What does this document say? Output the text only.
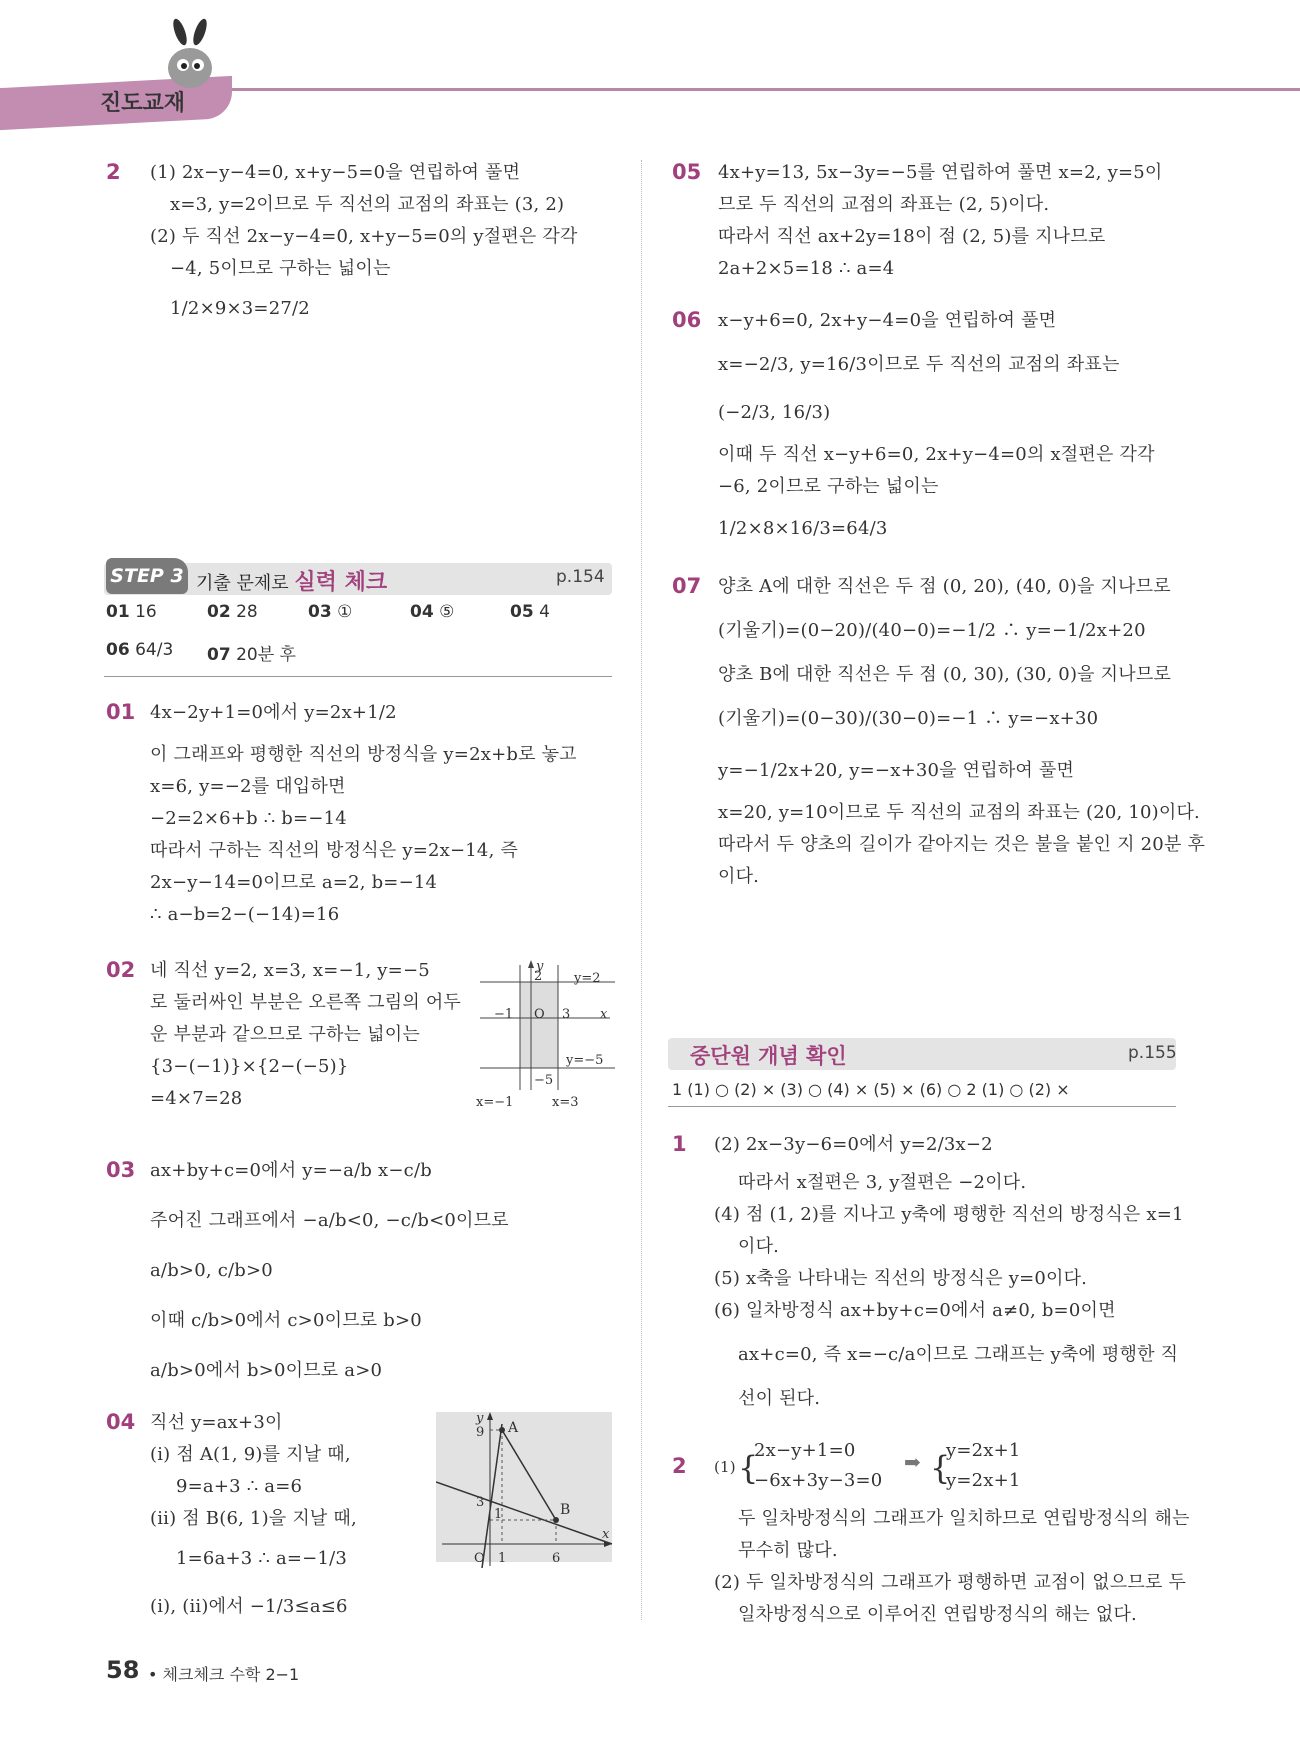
진도교재
2 (1) 2x−y−4=0, x+y−5=0을 연립하여 풀면
x=3, y=2이므로 두 직선의 교점의 좌표는 (3, 2)
(2) 두 직선 2x−y−4=0, x+y−5=0의 y절편은 각각
−4, 5이므로 구하는 넓이는
1/2×9×3=27/2
STEP 3 기출 문제로 실력 체크	p.154
01 16	02 28	03 ①	04 ⑤	05 4
06 64/3 07 20분 후
01 4x−2y+1=0에서 y=2x+1/2
이 그래프와 평행한 직선의 방정식을 y=2x+b로 놓고
x=6, y=−2를 대입하면
−2=2×6+b ∴ b=−14
따라서 구하는 직선의 방정식은 y=2x−14, 즉
2x−y−14=0이므로 a=2, b=−14
∴ a−b=2−(−14)=16
02 네 직선 y=2, x=3, x=−1, y=−5
로 둘러싸인 부분은 오른쪽 그림의 어두
운 부분과 같으므로 구하는 넓이는
{3−(−1)}×{2−(−5)}
=4×7=28
y
x
y=2
y=−5
−1 O 3
2
−5
x=−1	x=3
03 ax+by+c=0에서 y=−a/b x−c/b
주어진 그래프에서 −a/b<0, −c/b<0이므로
a/b>0, c/b>0
이때 c/b>0에서 c>0이므로 b>0
a/b>0에서 b>0이므로 a>0
04 직선 y=ax+3이
(i) 점 A(1, 9)를 지날 때,
9=a+3 ∴ a=6
(ii) 점 B(6, 1)을 지날 때,
1=6a+3 ∴ a=−1/3
(i), (ii)에서 −1/3≤a≤6
y
x
9 A
B
3
1
O 1	6
05 4x+y=13, 5x−3y=−5를 연립하여 풀면 x=2, y=5이
므로 두 직선의 교점의 좌표는 (2, 5)이다.
따라서 직선 ax+2y=18이 점 (2, 5)를 지나므로
2a+2×5=18 ∴ a=4
06 x−y+6=0, 2x+y−4=0을 연립하여 풀면
x=−2/3, y=16/3이므로 두 직선의 교점의 좌표는
(−2/3, 16/3)
이때 두 직선 x−y+6=0, 2x+y−4=0의 x절편은 각각
−6, 2이므로 구하는 넓이는
1/2×8×16/3=64/3
07 양초 A에 대한 직선은 두 점 (0, 20), (40, 0)을 지나므로
(기울기)=(0−20)/(40−0)=−1/2 ∴ y=−1/2x+20
양초 B에 대한 직선은 두 점 (0, 30), (30, 0)을 지나므로
(기울기)=(0−30)/(30−0)=−1 ∴ y=−x+30
y=−1/2x+20, y=−x+30을 연립하여 풀면
x=20, y=10이므로 두 직선의 교점의 좌표는 (20, 10)이다.
따라서 두 양초의 길이가 같아지는 것은 불을 붙인 지 20분 후
이다.
중단원 개념 확인	p.155
1 (1) ○ (2) × (3) ○ (4) × (5) × (6) ○ 2 (1) ○ (2) ×
1 (2) 2x−3y−6=0에서 y=2/3x−2
따라서 x절편은 3, y절편은 −2이다.
(4) 점 (1, 2)를 지나고 y축에 평행한 직선의 방정식은 x=1
이다.
(5) x축을 나타내는 직선의 방정식은 y=0이다.
(6) 일차방정식 ax+by+c=0에서 a≠0, b=0이면
ax+c=0, 즉 x=−c/a이므로 그래프는 y축에 평행한 직
선이 된다.
2 (1) {
2x−y+1=0
−6x+3y−3=0
➡ {
y=2x+1
y=2x+1
두 일차방정식의 그래프가 일치하므로 연립방정식의 해는
무수히 많다.
(2) 두 일차방정식의 그래프가 평행하면 교점이 없으므로 두
일차방정식으로 이루어진 연립방정식의 해는 없다.
58 • 체크체크 수학 2−1
